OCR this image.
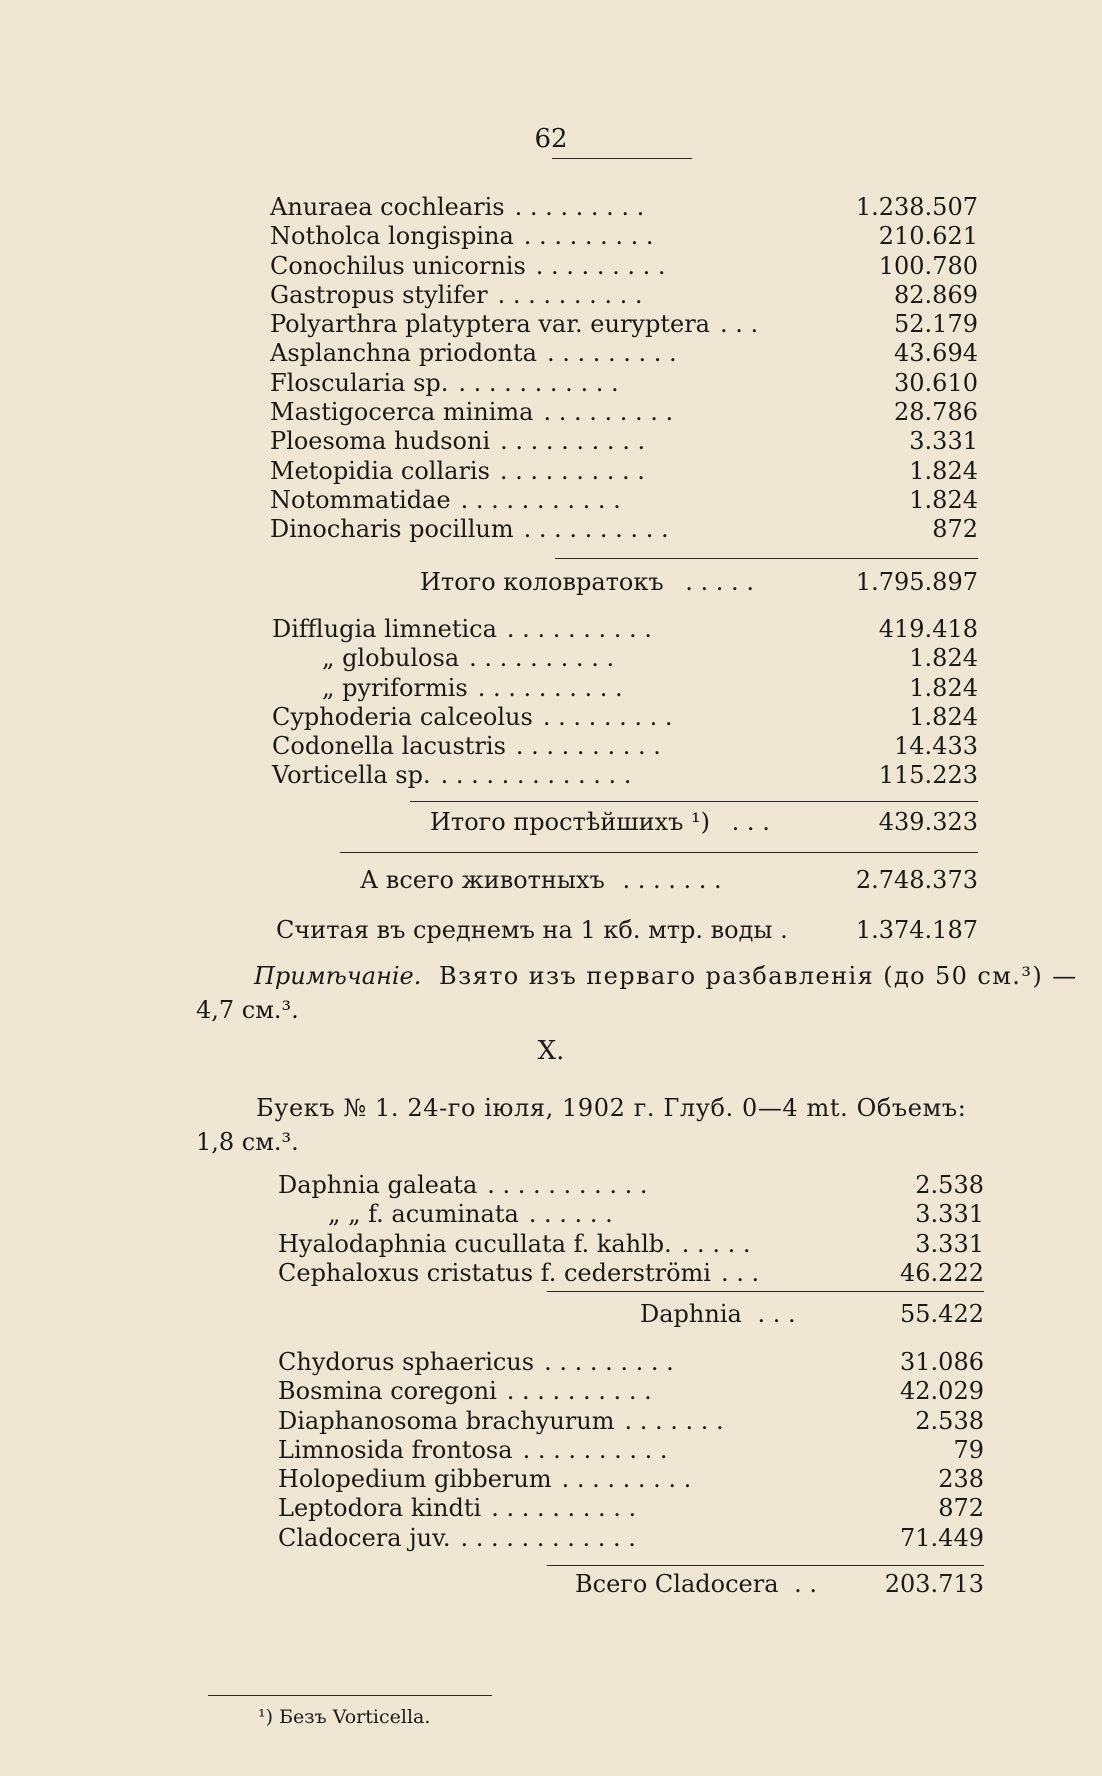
62
Anuraea cochlearis . . . . . . . . .	1.238.507
Notholca longispina . . . . . . . . .	210.621
Conochilus unicornis . . . . . . . . .	100.780
Gastropus stylifer . . . . . . . . . .	82.869
Polyarthra platyptera var. euryptera . . .	52.179
Asplanchna priodonta . . . . . . . . .	43.694
Floscularia sp. . . . . . . . . . . .	30.610
Mastigocerca minima . . . . . . . . .	28.786
Ploesoma hudsoni . . . . . . . . . .	3.331
Metopidia collaris . . . . . . . . . .	1.824
Notommatidae . . . . . . . . . . .	1.824
Dinocharis pocillum . . . . . . . . . .	872
Итого коловратокъ . . . . .	1.795.897
Difflugia limnetica . . . . . . . . . .	419.418
„ globulosa . . . . . . . . . .	1.824
„ pyriformis . . . . . . . . . .	1.824
Cyphoderia calceolus . . . . . . . . .	1.824
Codonella lacustris . . . . . . . . . .	14.433
Vorticella sp. . . . . . . . . . . . . .	115.223
Итого простѣйшихъ ¹) . . .	439.323
А всего животныхъ . . . . . . .	2.748.373
Считая въ среднемъ на 1 кб. мтр. воды .	1.374.187
Примѣчаніе. Взято изъ перваго разбавленія (до 50 см.³) —
4,7 см.³.
X.
Буекъ № 1. 24-го іюля, 1902 г. Глуб. 0—4 mt. Объемъ:
1,8 см.³.
Daphnia galeata . . . . . . . . . . .	2.538
„ „ f. acuminata . . . . . .	3.331
Hyalodaphnia cucullata f. kahlb. . . . . .	3.331
Cephaloxus cristatus f. cederströmi . . .	46.222
Daphnia . . .	55.422
Chydorus sphaericus . . . . . . . . .	31.086
Bosmina coregoni . . . . . . . . . .	42.029
Diaphanosoma brachyurum . . . . . . .	2.538
Limnosida frontosa . . . . . . . . . .	79
Holopedium gibberum . . . . . . . . .	238
Leptodora kindti . . . . . . . . . .	872
Cladocera juv. . . . . . . . . . . . .	71.449
Всего Cladocera . .	203.713
¹) Безъ Vorticella.
